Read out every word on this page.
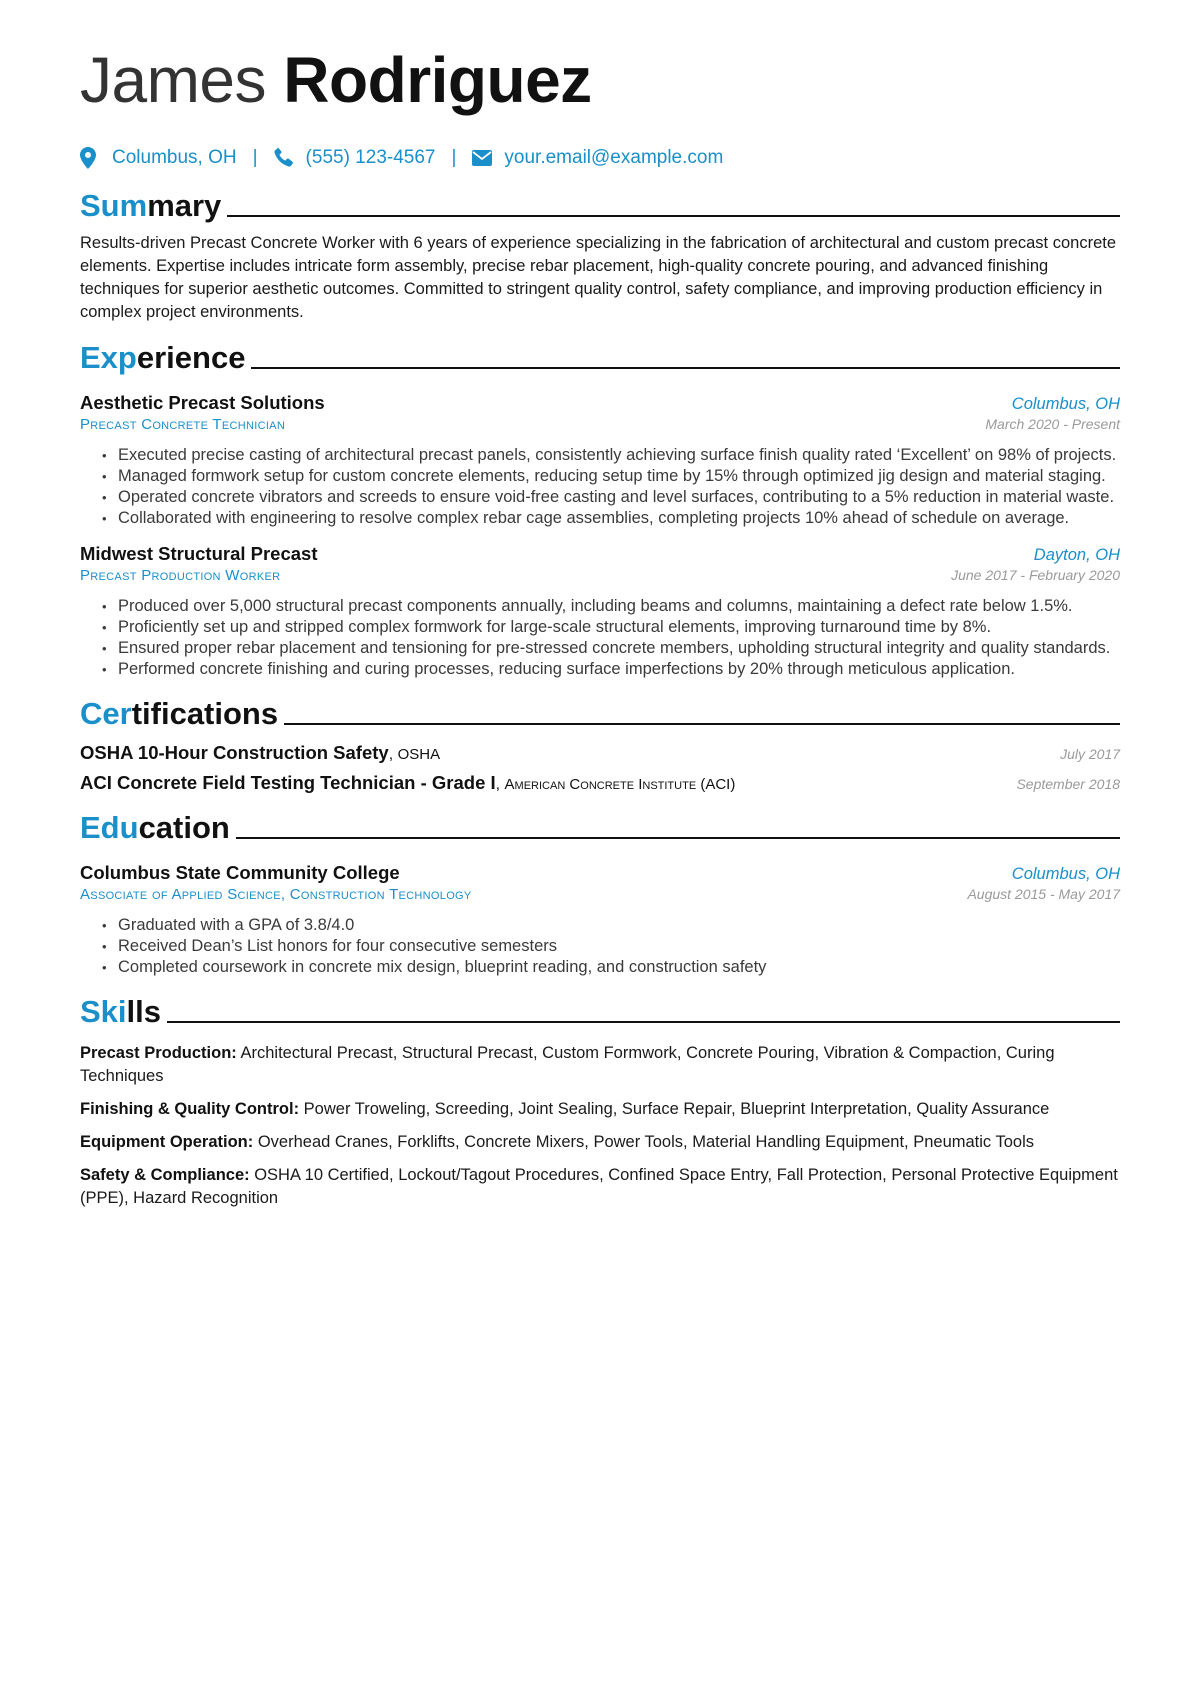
James Rodriguez
Columbus, OH |	(555) 123-4567 |	your.email@example.com
Summary
Results-driven Precast Concrete Worker with 6 years of experience specializing in the fabrication of architectural and custom precast concrete elements. Expertise includes intricate form assembly, precise rebar placement, high-quality concrete pouring, and advanced finishing techniques for superior aesthetic outcomes. Committed to stringent quality control, safety compliance, and improving production efficiency in complex project environments.
Experience
Aesthetic Precast Solutions	Columbus, OH
Precast Concrete Technician	March 2020 - Present
• Executed precise casting of architectural precast panels, consistently achieving surface finish quality rated ‘Excellent’ on 98% of projects.
• Managed formwork setup for custom concrete elements, reducing setup time by 15% through optimized jig design and material staging.
• Operated concrete vibrators and screeds to ensure void-free casting and level surfaces, contributing to a 5% reduction in material waste.
• Collaborated with engineering to resolve complex rebar cage assemblies, completing projects 10% ahead of schedule on average.
Midwest Structural Precast	Dayton, OH
Precast Production Worker	June 2017 - February 2020
• Produced over 5,000 structural precast components annually, including beams and columns, maintaining a defect rate below 1.5%.
• Proficiently set up and stripped complex formwork for large-scale structural elements, improving turnaround time by 8%.
• Ensured proper rebar placement and tensioning for pre-stressed concrete members, upholding structural integrity and quality standards.
• Performed concrete finishing and curing processes, reducing surface imperfections by 20% through meticulous application.
Certifications
OSHA 10-Hour Construction Safety, OSHA	July 2017
ACI Concrete Field Testing Technician - Grade I, American Concrete Institute (ACI)	September 2018
Education
Columbus State Community College	Columbus, OH
Associate of Applied Science, Construction Technology	August 2015 - May 2017
• Graduated with a GPA of 3.8/4.0
• Received Dean’s List honors for four consecutive semesters
• Completed coursework in concrete mix design, blueprint reading, and construction safety
Skills
Precast Production: Architectural Precast, Structural Precast, Custom Formwork, Concrete Pouring, Vibration & Compaction, Curing Techniques
Finishing & Quality Control: Power Troweling, Screeding, Joint Sealing, Surface Repair, Blueprint Interpretation, Quality Assurance
Equipment Operation: Overhead Cranes, Forklifts, Concrete Mixers, Power Tools, Material Handling Equipment, Pneumatic Tools
Safety & Compliance: OSHA 10 Certified, Lockout/Tagout Procedures, Confined Space Entry, Fall Protection, Personal Protective Equipment (PPE), Hazard Recognition
